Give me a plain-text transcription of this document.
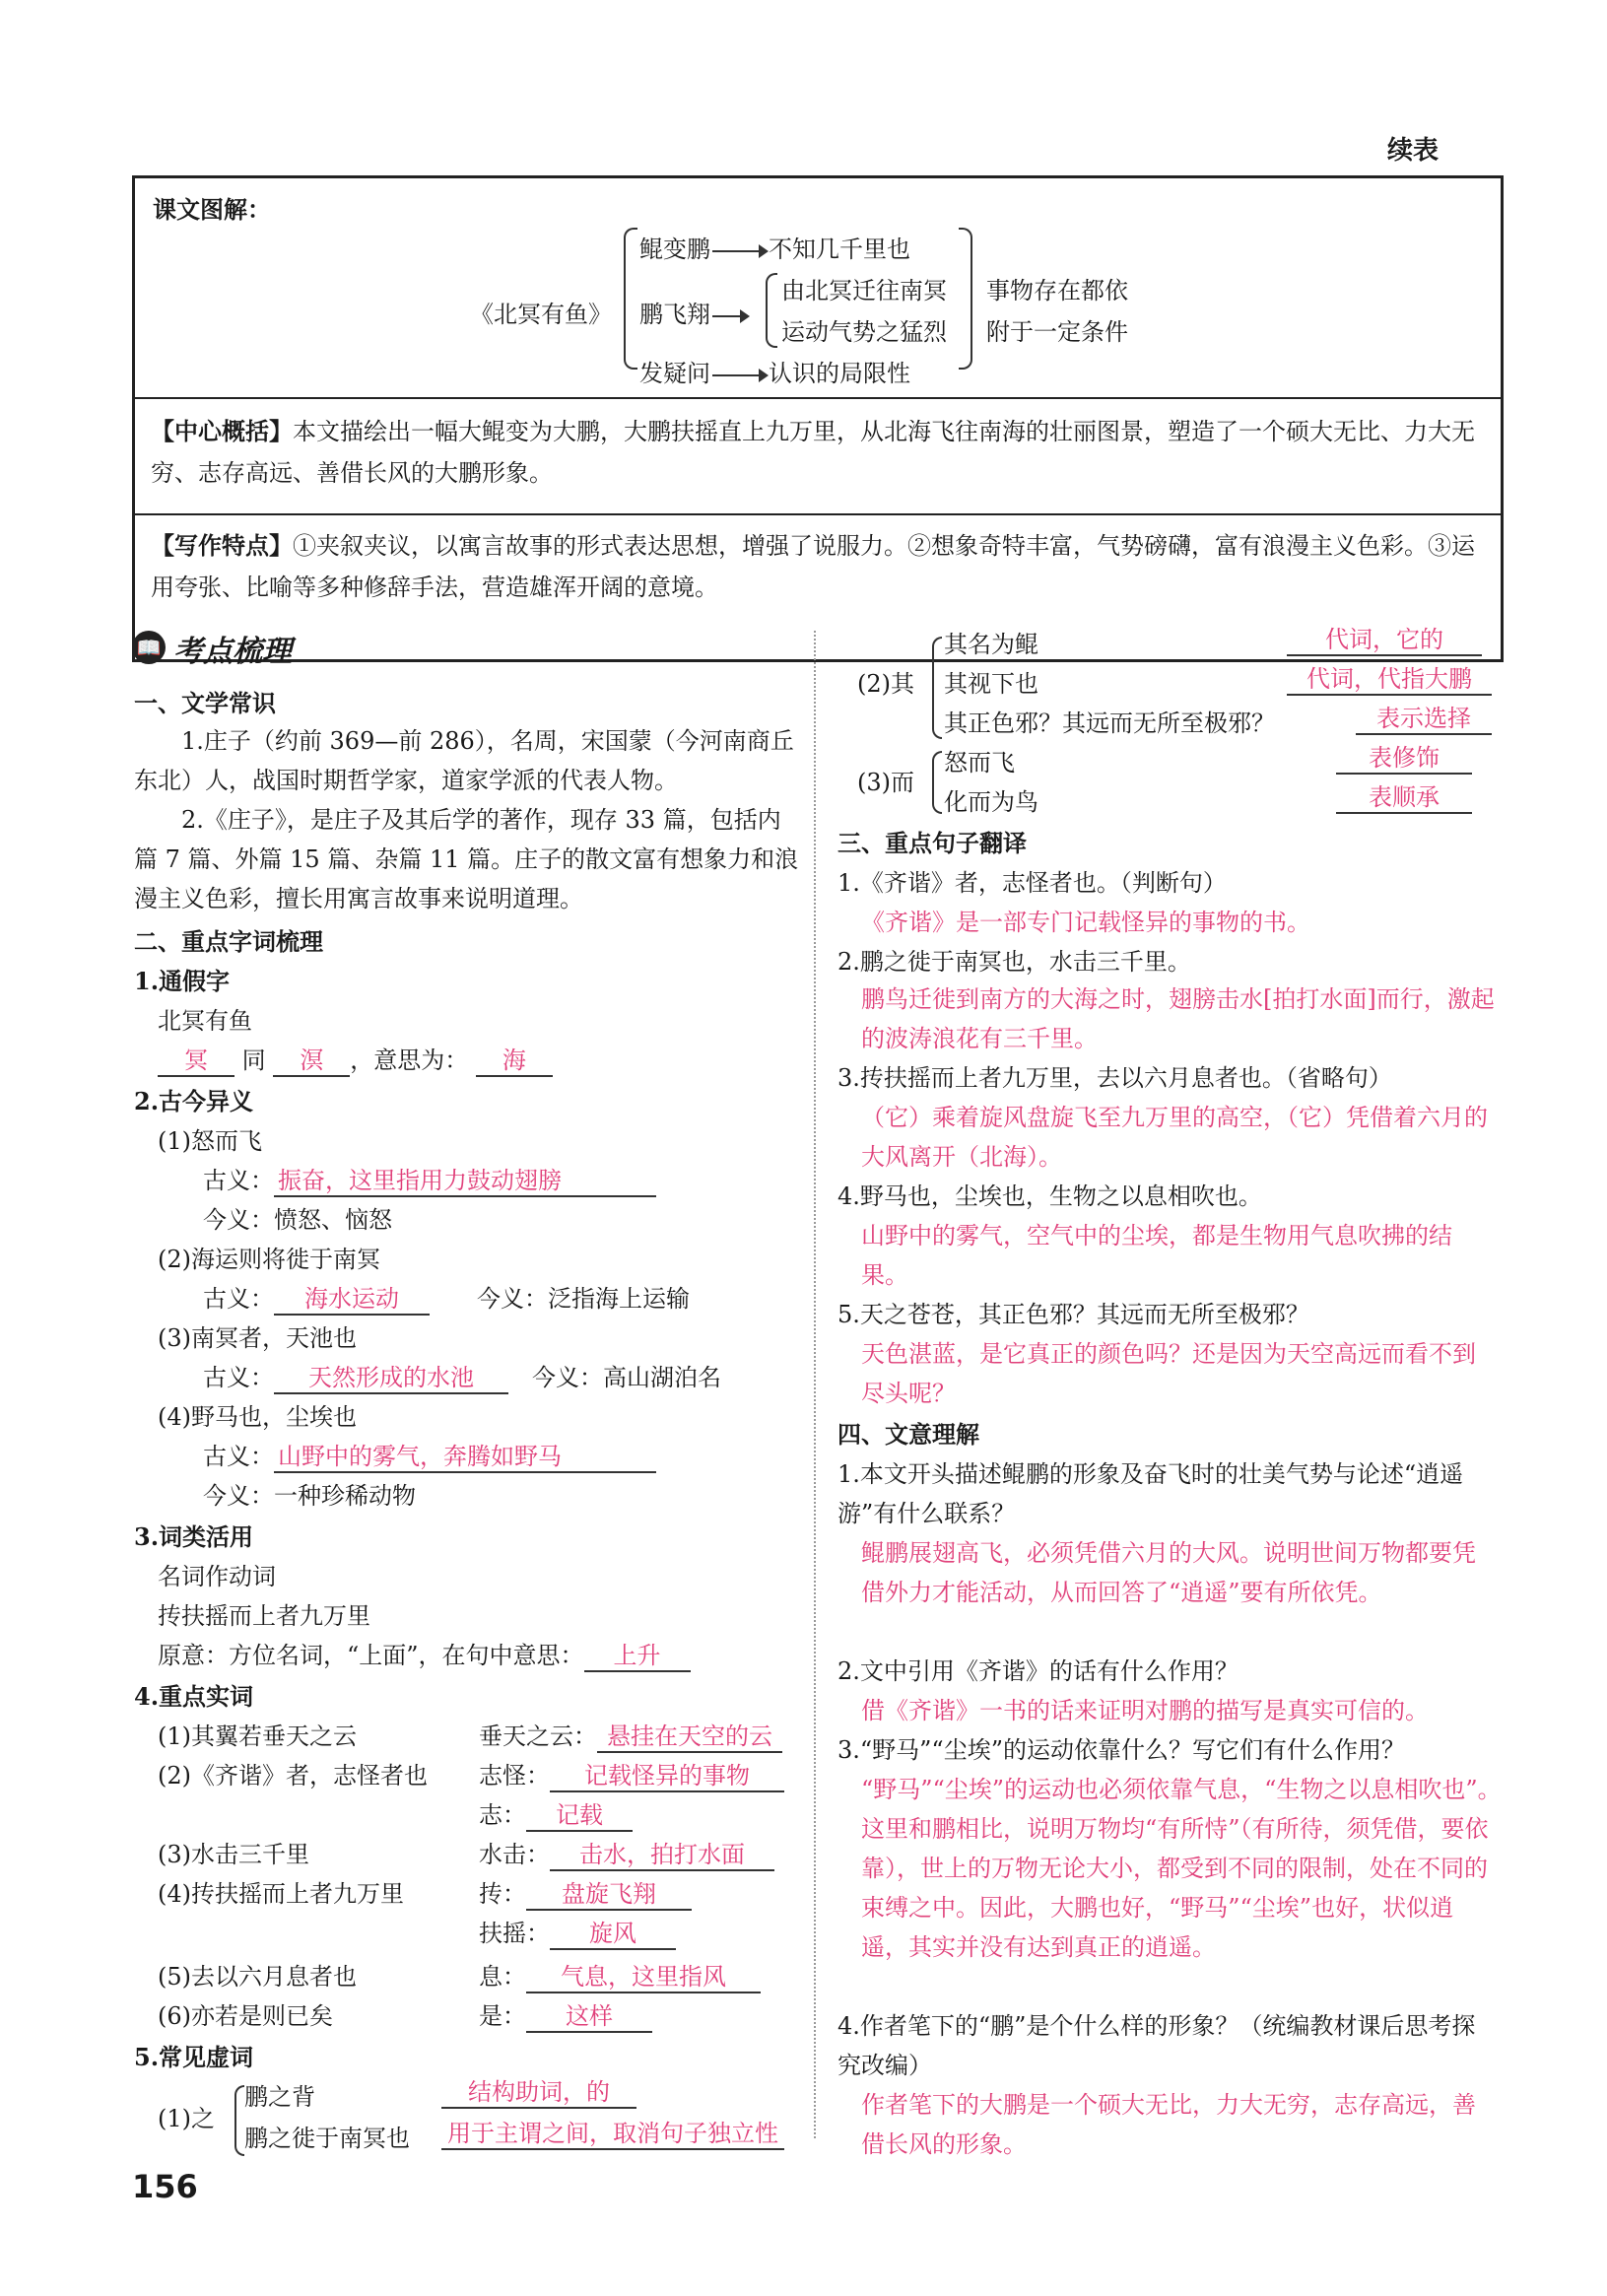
续表
课文图解：
《北冥有鱼》
鲲变鹏 不知几千里也
鹏飞翔
由北冥迁往南冥
运动气势之猛烈
发疑问 认识的局限性
事物存在都依
附于一定条件
【中心概括】本文描绘出一幅大鲲变为大鹏，大鹏扶摇直上九万里，从北海飞往南海的壮丽图景，塑造了一个硕大无比、力大无穷、志存高远、善借长风的大鹏形象。
【写作特点】①夹叙夹议，以寓言故事的形式表达思想，增强了说服力。②想象奇特丰富，气势磅礴，富有浪漫主义色彩。③运用夸张、比喻等多种修辞手法，营造雄浑开阔的意境。
📖 考点梳理
一、文学常识
1.庄子（约前 369—前 286），名周，宋国蒙（今河南商丘东北）人，战国时期哲学家，道家学派的代表人物。
2.《庄子》，是庄子及其后学的著作，现存 33 篇，包括内篇 7 篇、外篇 15 篇、杂篇 11 篇。庄子的散文富有想象力和浪漫主义色彩，擅长用寓言故事来说明道理。
二、重点字词梳理
1.通假字
北冥有鱼
冥 同 溟 ，意思为： 海
2.古今异义
(1)怒而飞
古义： 振奋，这里指用力鼓动翅膀
今义：愤怒、恼怒
(2)海运则将徙于南冥
古义： 海水运动　　	今义：泛指海上运输
(3)南冥者，天池也
古义： 天然形成的水池　 今义：高山湖泊名
(4)野马也，尘埃也
古义： 山野中的雾气，奔腾如野马
今义：一种珍稀动物
3.词类活用
名词作动词
抟扶摇而上者九万里
原意：方位名词，“上面”，在句中意思： 上升
4.重点实词
(1)其翼若垂天之云	垂天之云： 悬挂在天空的云
(2)《齐谐》者，志怪者也 志怪： 记载怪异的事物
志： 记载
(3)水击三千里	水击： 击水，拍打水面
(4)抟扶摇而上者九万里	抟： 盘旋飞翔
扶摇： 旋风
(5)去以六月息者也	息： 气息，这里指风
(6)亦若是则已矣	是： 这样
5.常见虚词
(1)之
鹏之背	结构助词，的
鹏之徙于南冥也 用于主谓之间，取消句子独立性
(2)其
其名为鲲	代词，它的
其视下也	代词，代指大鹏
其正色邪？其远而无所至极邪？	表示选择
(3)而
怒而飞	表修饰
化而为鸟	表顺承
三、重点句子翻译
1.《齐谐》者，志怪者也。（判断句）
《齐谐》是一部专门记载怪异的事物的书。
2.鹏之徙于南冥也，水击三千里。
鹏鸟迁徙到南方的大海之时，翅膀击水[拍打水面]而行，激起的波涛浪花有三千里。
3.抟扶摇而上者九万里，去以六月息者也。（省略句）
（它）乘着旋风盘旋飞至九万里的高空，（它）凭借着六月的大风离开（北海）。
4.野马也，尘埃也，生物之以息相吹也。
山野中的雾气，空气中的尘埃，都是生物用气息吹拂的结果。
5.天之苍苍，其正色邪？其远而无所至极邪？
天色湛蓝，是它真正的颜色吗？还是因为天空高远而看不到尽头呢？
四、文意理解
1.本文开头描述鲲鹏的形象及奋飞时的壮美气势与论述“逍遥游”有什么联系？
鲲鹏展翅高飞，必须凭借六月的大风。说明世间万物都要凭借外力才能活动，从而回答了“逍遥”要有所依凭。
2.文中引用《齐谐》的话有什么作用？
借《齐谐》一书的话来证明对鹏的描写是真实可信的。
3.“野马”“尘埃”的运动依靠什么？写它们有什么作用？
“野马”“尘埃”的运动也必须依靠气息，“生物之以息相吹也”。　这里和鹏相比，说明万物均“有所恃”（有所待，须凭借，要依靠），世上的万物无论大小，都受到不同的限制，处在不同的束缚之中。因此，大鹏也好，“野马”“尘埃”也好，状似逍遥，其实并没有达到真正的逍遥。
4.作者笔下的“鹏”是个什么样的形象？（统编教材课后思考探究改编）
作者笔下的大鹏是一个硕大无比，力大无穷，志存高远，善借长风的形象。
156
